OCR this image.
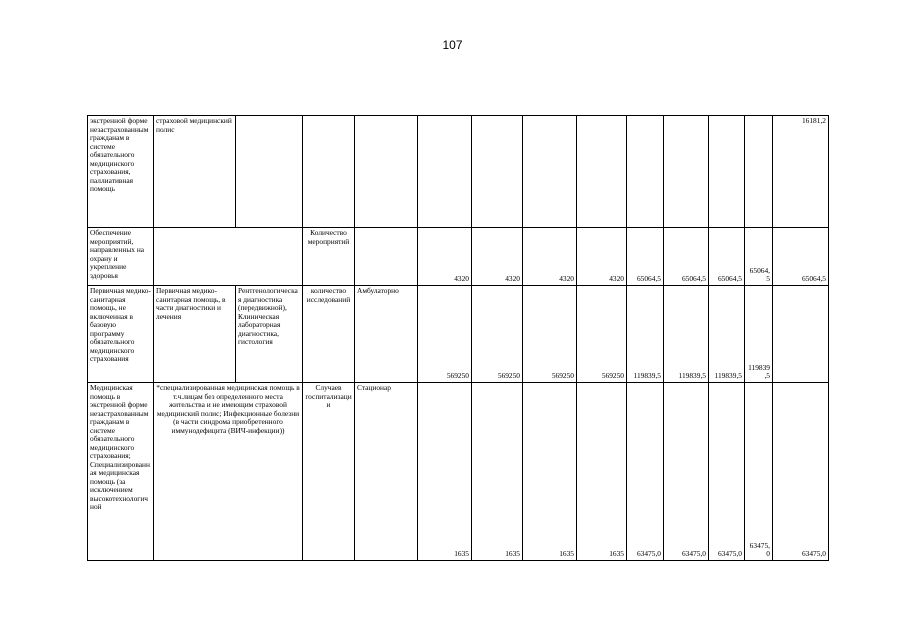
107
экстренной форме незастрахованным гражданам в системе обязательного медицинского страхования, паллиативная помощь	страховой медицинский полис												16181,2
Обеспечение мероприятий, направленных на охрану и укрепление здоровья			Количество мероприятий		4320	4320	4320	4320	65064,5	65064,5	65064,5	65064,5	65064,5
Первичная медико-санитарная помощь, не включенная в базовую программу обязательного медицинского страхования	Первичная медико-санитарная помощь, в части диагностики и лечения	Рентгенологическая диагностика (передвижной), Клиническая лабораторная диагностика, гистология	количество исследований	Амбулаторно	569250	569250	569250	569250	119839,5	119839,5	119839,5	119839,5	
Медицинская помощь в экстренной форме незастрахованным гражданам в системе обязательного медицинского страхования; Специализированная медицинская помощь (за исключением высокотехнологичной	*специализированная медицинская помощь в т.ч.лицам без определенного места жительства и не имеющим страховой медицинский полис; Инфекционные болезни (в части синдрома приобретенного иммунодефицита (ВИЧ-инфекции))		Случаев госпитализации	Стационар	1635	1635	1635	1635	63475,0	63475,0	63475,0	63475,0	63475,0
